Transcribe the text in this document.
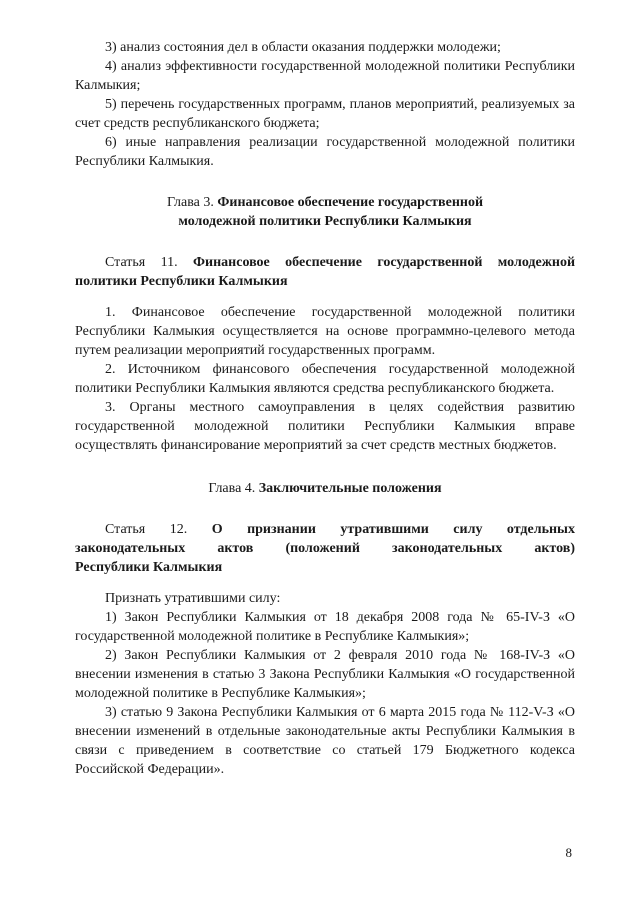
3) анализ состояния дел в области оказания поддержки молодежи;

4) анализ эффективности государственной молодежной политики Республики Калмыкия;

5) перечень государственных программ, планов мероприятий, реализуемых за счет средств республиканского бюджета;

6) иные направления реализации государственной молодежной политики Республики Калмыкия.

Глава 3. Финансовое обеспечение государственной
молодежной политики Республики Калмыкия

Статья 11. Финансовое обеспечение государственной молодежной политики Республики Калмыкия

1. Финансовое обеспечение государственной молодежной политики Республики Калмыкия осуществляется на основе программно-целевого метода путем реализации мероприятий государственных программ.

2. Источником финансового обеспечения государственной молодежной политики Республики Калмыкия являются средства республиканского бюджета.

3. Органы местного самоуправления в целях содействия развитию государственной молодежной политики Республики Калмыкия вправе осуществлять финансирование мероприятий за счет средств местных бюджетов.

Глава 4. Заключительные положения

Статья 12. О признании утратившими силу отдельных

законодательных актов (положений законодательных актов)

Республики Калмыкия

Признать утратившими силу:

1) Закон Республики Калмыкия от 18 декабря 2008 года № 65-IV-З «О государственной молодежной политике в Республике Калмыкия»;

2) Закон Республики Калмыкия от 2 февраля 2010 года № 168-IV-З «О внесении изменения в статью 3 Закона Республики Калмыкия «О государственной молодежной политике в Республике Калмыкия»;

3) статью 9 Закона Республики Калмыкия от 6 марта 2015 года № 112-V-З «О внесении изменений в отдельные законодательные акты Республики Калмыкия в связи с приведением в соответствие со статьей 179 Бюджетного кодекса Российской Федерации».

8
